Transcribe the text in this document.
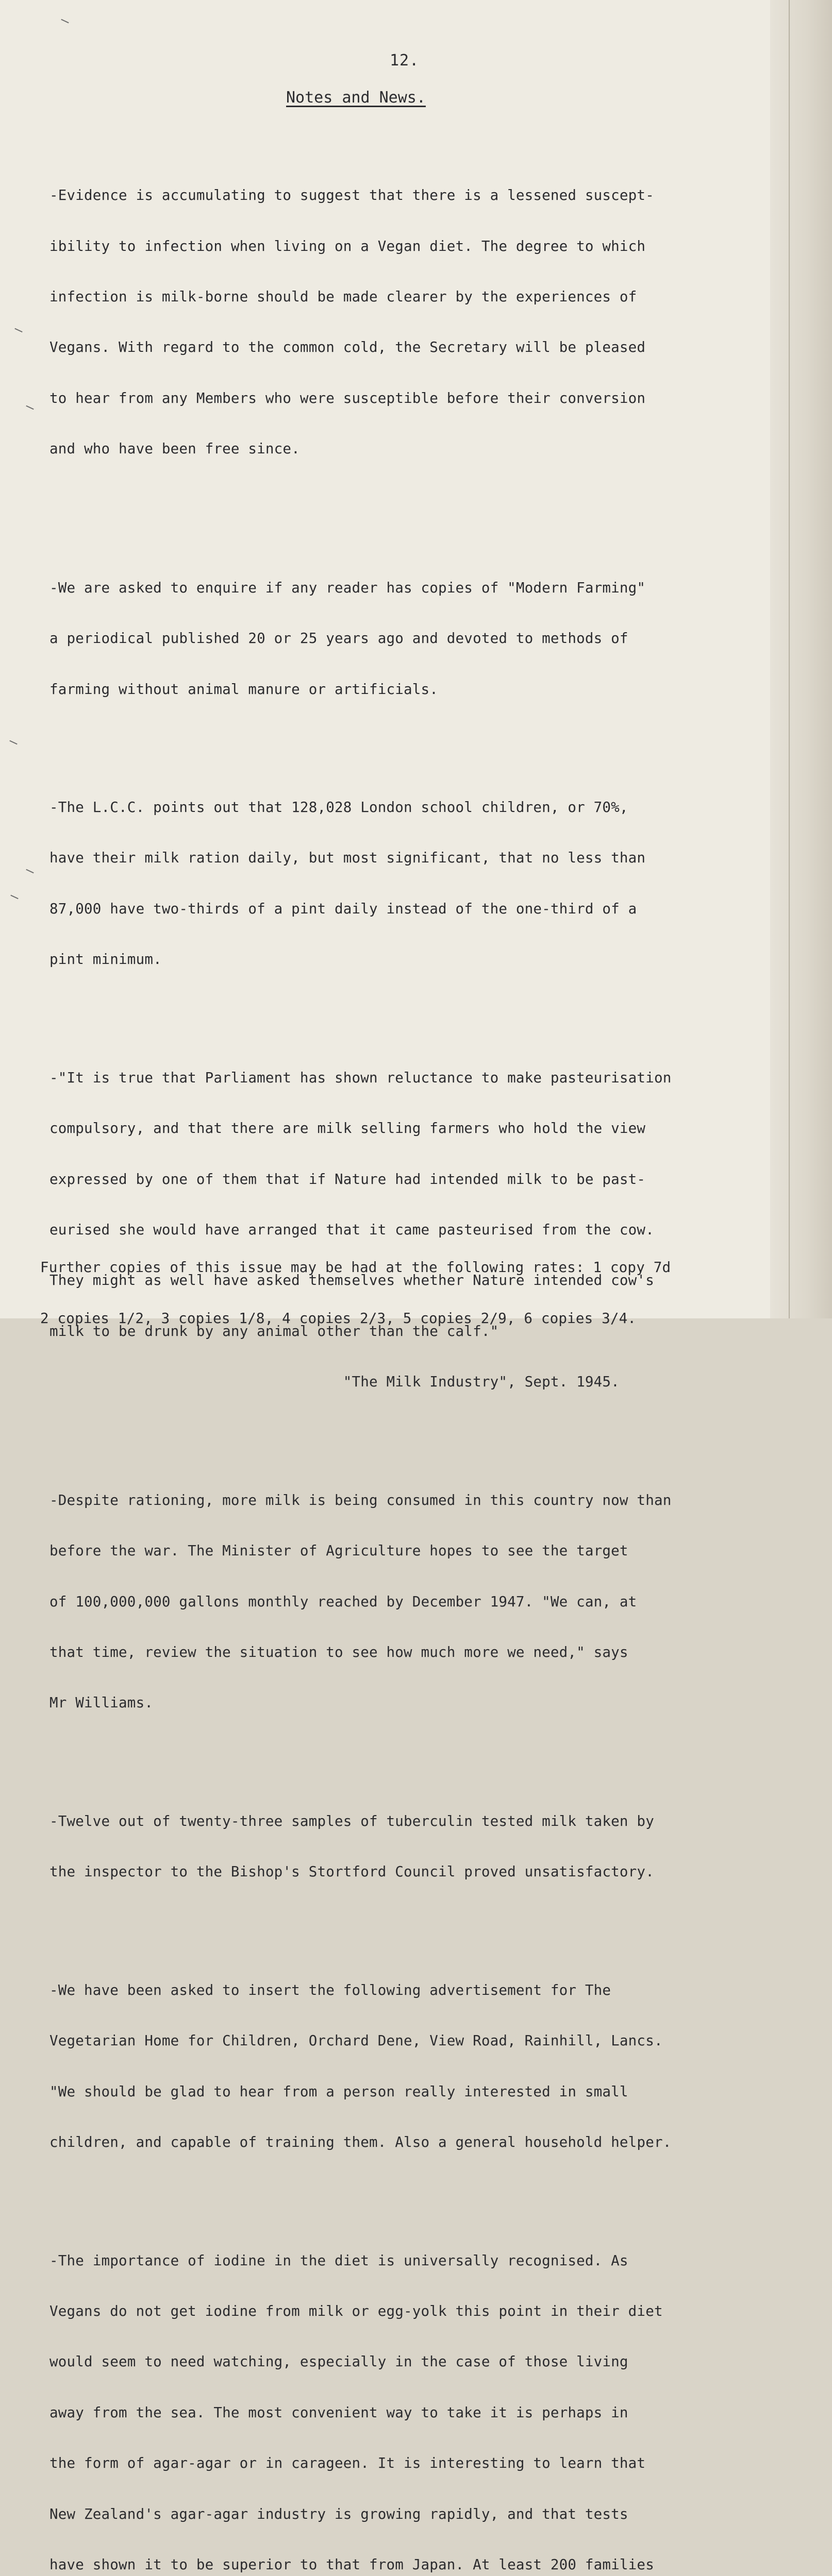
12.
Notes and News.

-Evidence is accumulating to suggest that there is a lessened suscept-

ibility to infection when living on a Vegan diet. The degree to which

infection is milk-borne should be made clearer by the experiences of

Vegans. With regard to the common cold, the Secretary will be pleased

to hear from any Members who were susceptible before their conversion

and who have been free since.

-We are asked to enquire if any reader has copies of "Modern Farming"

a periodical published 20 or 25 years ago and devoted to methods of

farming without animal manure or artificials.

-The L.C.C. points out that 128,028 London school children, or 70%,

have their milk ration daily, but most significant, that no less than

87,000 have two-thirds of a pint daily instead of the one-third of a

pint minimum.

-"It is true that Parliament has shown reluctance to make pasteurisation

compulsory, and that there are milk selling farmers who hold the view

expressed by one of them that if Nature had intended milk to be past-

eurised she would have arranged that it came pasteurised from the cow.

They might as well have asked themselves whether Nature intended cow's

milk to be drunk by any animal other than the calf."

"The Milk Industry", Sept. 1945.

-Despite rationing, more milk is being consumed in this country now than

before the war. The Minister of Agriculture hopes to see the target

of 100,000,000 gallons monthly reached by December 1947. "We can, at

that time, review the situation to see how much more we need," says

Mr Williams.

-Twelve out of twenty-three samples of tuberculin tested milk taken by

the inspector to the Bishop's Stortford Council proved unsatisfactory.

-We have been asked to insert the following advertisement for The

Vegetarian Home for Children, Orchard Dene, View Road, Rainhill, Lancs.

"We should be glad to hear from a person really interested in small

children, and capable of training them. Also a general household helper.

-The importance of iodine in the diet is universally recognised. As

Vegans do not get iodine from milk or egg-yolk this point in their diet

would seem to need watching, especially in the case of those living

away from the sea. The most convenient way to take it is perhaps in

the form of agar-agar or in carageen. It is interesting to learn that

New Zealand's agar-agar industry is growing rapidly, and that tests

have shown it to be superior to that from Japan. At least 200 families

Further copies of this issue may be had at the following rates: 1 copy 7d

2 copies 1/2, 3 copies 1/8, 4 copies 2/3, 5 copies 2/9, 6 copies 3/4.
